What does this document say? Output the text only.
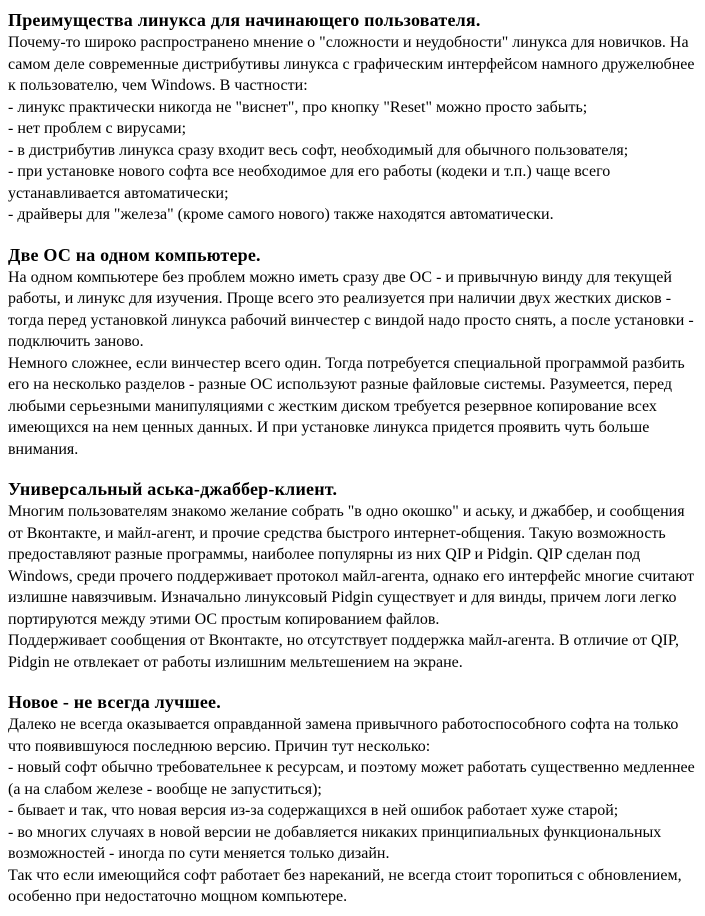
Преимущества линукса для начинающего пользователя.

Почему-то широко распространено мнение о "сложности и неудобности" линукса для новичков. На самом деле современные дистрибутивы линукса с графическим интерфейсом намного дружелюбнее к пользователю, чем Windows. В частности:

- линукс практически никогда не "виснет", про кнопку "Reset" можно просто забыть;

- нет проблем с вирусами;

- в дистрибутив линукса сразу входит весь софт, необходимый для обычного пользователя;

- при установке нового софта все необходимое для его работы (кодеки и т.п.) чаще всего устанавливается автоматически;

- драйверы для "железа" (кроме самого нового) также находятся автоматически.

Две ОС на одном компьютере.

На одном компьютере без проблем можно иметь сразу две ОС - и привычную винду для текущей работы, и линукс для изучения. Проще всего это реализуется при наличии двух жестких дисков - тогда перед установкой линукса рабочий винчестер с виндой надо просто снять, а после установки - подключить заново.

Немного сложнее, если винчестер всего один. Тогда потребуется специальной программой разбить его на несколько разделов - разные ОС используют разные файловые системы. Разумеется, перед любыми серьезными манипуляциями с жестким диском требуется резервное копирование всех имеющихся на нем ценных данных. И при установке линукса придется проявить чуть больше внимания.

Универсальный аська-джаббер-клиент.

Многим пользователям знакомо желание собрать "в одно окошко" и аську, и джаббер, и сообщения от Вконтакте, и майл-агент, и прочие средства быстрого интернет-общения. Такую возможность предоставляют разные программы, наиболее популярны из них QIP и Pidgin. QIP сделан под Windows, среди прочего поддерживает протокол майл-агента, однако его интерфейс многие считают излишне навязчивым. Изначально линуксовый Pidgin существует и для винды, причем логи легко портируются между этими ОС простым копированием файлов.

Поддерживает сообщения от Вконтакте, но отсутствует поддержка майл-агента. В отличие от QIP, Pidgin не отвлекает от работы излишним мельтешением на экране.

Новое - не всегда лучшее.

Далеко не всегда оказывается оправданной замена привычного работоспособного софта на только что появившуюся последнюю версию. Причин тут несколько:

- новый софт обычно требовательнее к ресурсам, и поэтому может работать существенно медленнее (а на слабом железе - вообще не запуститься);

- бывает и так, что новая версия из-за содержащихся в ней ошибок работает хуже старой;

- во многих случаях в новой версии не добавляется никаких принципиальных функциональных возможностей - иногда по сути меняется только дизайн.

Так что если имеющийся софт работает без нареканий, не всегда стоит торопиться с обновлением, особенно при недостаточно мощном компьютере.
